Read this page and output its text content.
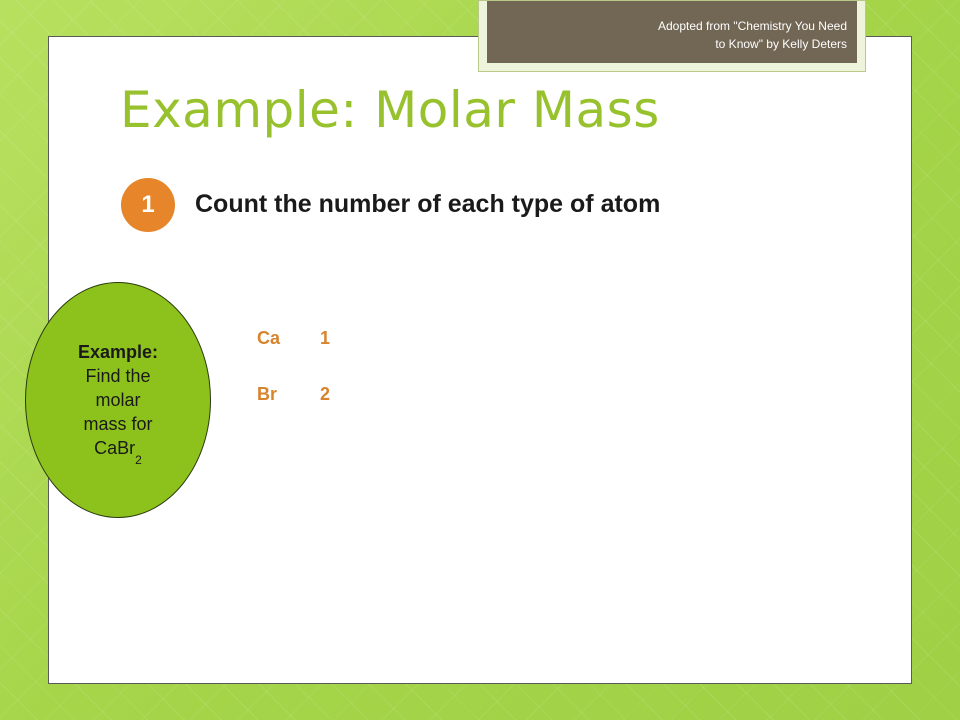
Adopted from "Chemistry You Need to Know" by Kelly Deters
Example: Molar Mass
1 Count the number of each type of atom
Example:
Find the
molar
mass for
CaBr$_2$
Ca 1
Br 2
